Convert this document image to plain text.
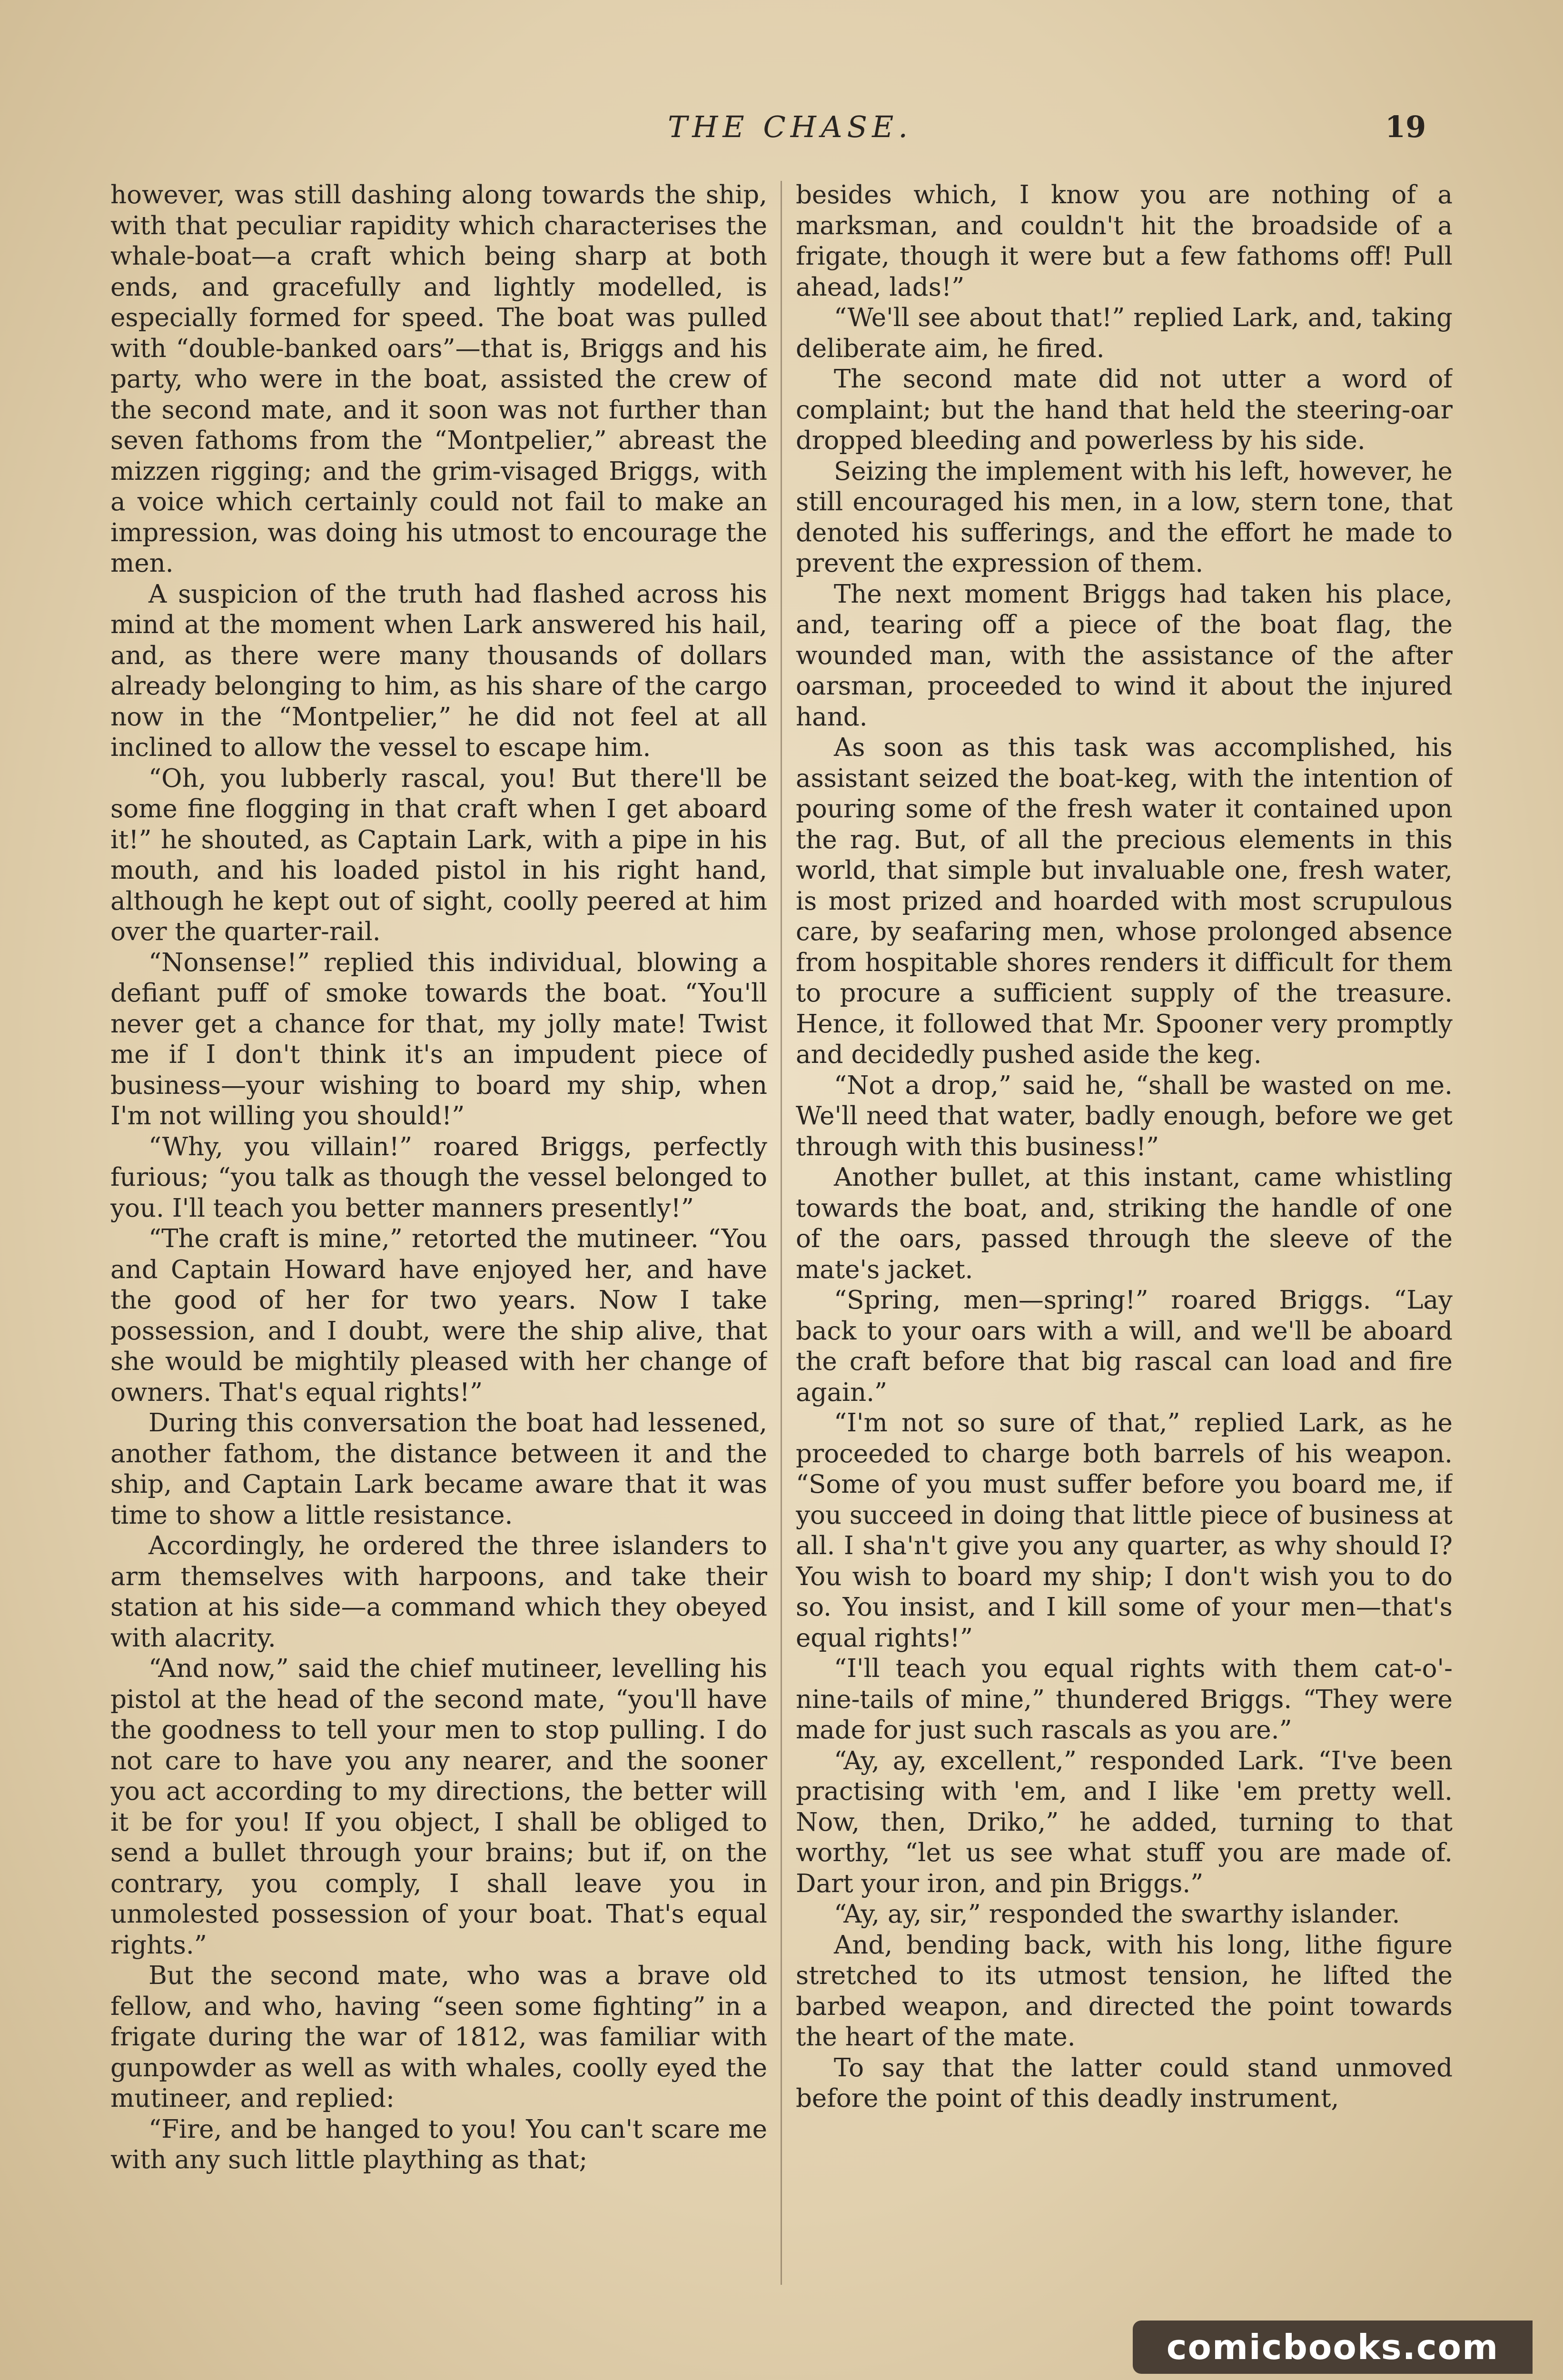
THE CHASE.	19

however, was still dashing along towards the ship, with that peculiar rapidity which characterises the whale-boat—a craft which being sharp at both ends, and gracefully and lightly modelled, is especially formed for speed. The boat was pulled with “double-banked oars”—that is, Briggs and his party, who were in the boat, assisted the crew of the second mate, and it soon was not further than seven fathoms from the “Montpelier,” abreast the mizzen rigging; and the grim-visaged Briggs, with a voice which certainly could not fail to make an impression, was doing his utmost to encourage the men.

A suspicion of the truth had flashed across his mind at the moment when Lark answered his hail, and, as there were many thousands of dollars already belonging to him, as his share of the cargo now in the “Montpelier,” he did not feel at all inclined to allow the vessel to escape him.

“Oh, you lubberly rascal, you! But there'll be some fine flogging in that craft when I get aboard it!” he shouted, as Captain Lark, with a pipe in his mouth, and his loaded pistol in his right hand, although he kept out of sight, coolly peered at him over the quarter-rail.

“Nonsense!” replied this individual, blowing a defiant puff of smoke towards the boat. “You'll never get a chance for that, my jolly mate! Twist me if I don't think it's an impudent piece of business—your wishing to board my ship, when I'm not willing you should!”

“Why, you villain!” roared Briggs, perfectly furious; “you talk as though the vessel belonged to you. I'll teach you better manners presently!”

“The craft is mine,” retorted the mutineer. “You and Captain Howard have enjoyed her, and have the good of her for two years. Now I take possession, and I doubt, were the ship alive, that she would be mightily pleased with her change of owners. That's equal rights!”

During this conversation the boat had lessened, another fathom, the distance between it and the ship, and Captain Lark became aware that it was time to show a little resistance.

Accordingly, he ordered the three islanders to arm themselves with harpoons, and take their station at his side—a command which they obeyed with alacrity.

“And now,” said the chief mutineer, levelling his pistol at the head of the second mate, “you'll have the goodness to tell your men to stop pulling. I do not care to have you any nearer, and the sooner you act according to my directions, the better will it be for you! If you object, I shall be obliged to send a bullet through your brains; but if, on the contrary, you comply, I shall leave you in unmolested possession of your boat. That's equal rights.”

But the second mate, who was a brave old fellow, and who, having “seen some fighting” in a frigate during the war of 1812, was familiar with gunpowder as well as with whales, coolly eyed the mutineer, and replied:

“Fire, and be hanged to you! You can't scare me with any such little plaything as that;

besides which, I know you are nothing of a marksman, and couldn't hit the broadside of a frigate, though it were but a few fathoms off! Pull ahead, lads!”

“We'll see about that!” replied Lark, and, taking deliberate aim, he fired.

The second mate did not utter a word of complaint; but the hand that held the steering-oar dropped bleeding and powerless by his side.

Seizing the implement with his left, however, he still encouraged his men, in a low, stern tone, that denoted his sufferings, and the effort he made to prevent the expression of them.

The next moment Briggs had taken his place, and, tearing off a piece of the boat flag, the wounded man, with the assistance of the after oarsman, proceeded to wind it about the injured hand.

As soon as this task was accomplished, his assistant seized the boat-keg, with the intention of pouring some of the fresh water it contained upon the rag. But, of all the precious elements in this world, that simple but invaluable one, fresh water, is most prized and hoarded with most scrupulous care, by seafaring men, whose prolonged absence from hospitable shores renders it difficult for them to procure a sufficient supply of the treasure. Hence, it followed that Mr. Spooner very promptly and decidedly pushed aside the keg.

“Not a drop,” said he, “shall be wasted on me. We'll need that water, badly enough, before we get through with this business!”

Another bullet, at this instant, came whistling towards the boat, and, striking the handle of one of the oars, passed through the sleeve of the mate's jacket.

“Spring, men—spring!” roared Briggs. “Lay back to your oars with a will, and we'll be aboard the craft before that big rascal can load and fire again.”

“I'm not so sure of that,” replied Lark, as he proceeded to charge both barrels of his weapon. “Some of you must suffer before you board me, if you succeed in doing that little piece of business at all. I sha'n't give you any quarter, as why should I? You wish to board my ship; I don't wish you to do so. You insist, and I kill some of your men—that's equal rights!”

“I'll teach you equal rights with them cat-o'-nine-tails of mine,” thundered Briggs. “They were made for just such rascals as you are.”

“Ay, ay, excellent,” responded Lark. “I've been practising with 'em, and I like 'em pretty well. Now, then, Driko,” he added, turning to that worthy, “let us see what stuff you are made of. Dart your iron, and pin Briggs.”

“Ay, ay, sir,” responded the swarthy islander.

And, bending back, with his long, lithe figure stretched to its utmost tension, he lifted the barbed weapon, and directed the point towards the heart of the mate.

To say that the latter could stand unmoved before the point of this deadly instrument,

comicbooks.com
